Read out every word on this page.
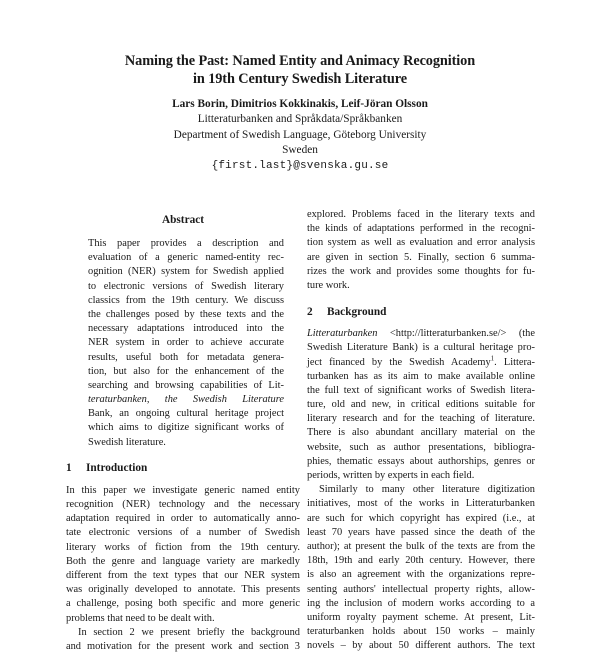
Naming the Past: Named Entity and Animacy Recognition
in 19th Century Swedish Literature
Lars Borin, Dimitrios Kokkinakis, Leif-Jöran Olsson
Litteraturbanken and Språkdata/Språkbanken
Department of Swedish Language, Göteborg University
Sweden
{first.last}@svenska.gu.se
Abstract
This paper provides a description and
evaluation of a generic named-entity rec-
ognition (NER) system for Swedish applied
to electronic versions of Swedish literary
classics from the 19th century. We discuss
the challenges posed by these texts and the
necessary adaptations introduced into the
NER system in order to achieve accurate
results, useful both for metadata genera-
tion, but also for the enhancement of the
searching and browsing capabilities of Lit-
teraturbanken, the Swedish Literature
Bank, an ongoing cultural heritage project
which aims to digitize significant works of
Swedish literature.
1 Introduction
In this paper we investigate generic named entity
recognition (NER) technology and the necessary
adaptation required in order to automatically anno-
tate electronic versions of a number of Swedish
literary works of fiction from the 19th century.
Both the genre and language variety are markedly
different from the text types that our NER system
was originally developed to annotate. This presents
a challenge, posing both specific and more generic
problems that need to be dealt with.
In section 2 we present briefly the background
and motivation for the present work and section 3
explored. Problems faced in the literary texts and
the kinds of adaptations performed in the recogni-
tion system as well as evaluation and error analysis
are given in section 5. Finally, section 6 summa-
rizes the work and provides some thoughts for fu-
ture work.
2 Background
Litteraturbanken <http://litteraturbanken.se/> (the
Swedish Literature Bank) is a cultural heritage pro-
ject financed by the Swedish Academy$^1$. Littera-
turbanken has as its aim to make available online
the full text of significant works of Swedish litera-
ture, old and new, in critical editions suitable for
literary research and for the teaching of literature.
There is also abundant ancillary material on the
website, such as author presentations, bibliogra-
phies, thematic essays about authorships, genres or
periods, written by experts in each field.
Similarly to many other literature digitization
initiatives, most of the works in Litteraturbanken
are such for which copyright has expired (i.e., at
least 70 years have passed since the death of the
author); at present the bulk of the texts are from the
18th, 19th and early 20th century. However, there
is also an agreement with the organizations repre-
senting authors' intellectual property rights, allow-
ing the inclusion of modern works according to a
uniform royalty payment scheme. At present, Lit-
teraturbanken holds about 150 works – mainly
novels – by about 50 different authors. The text
